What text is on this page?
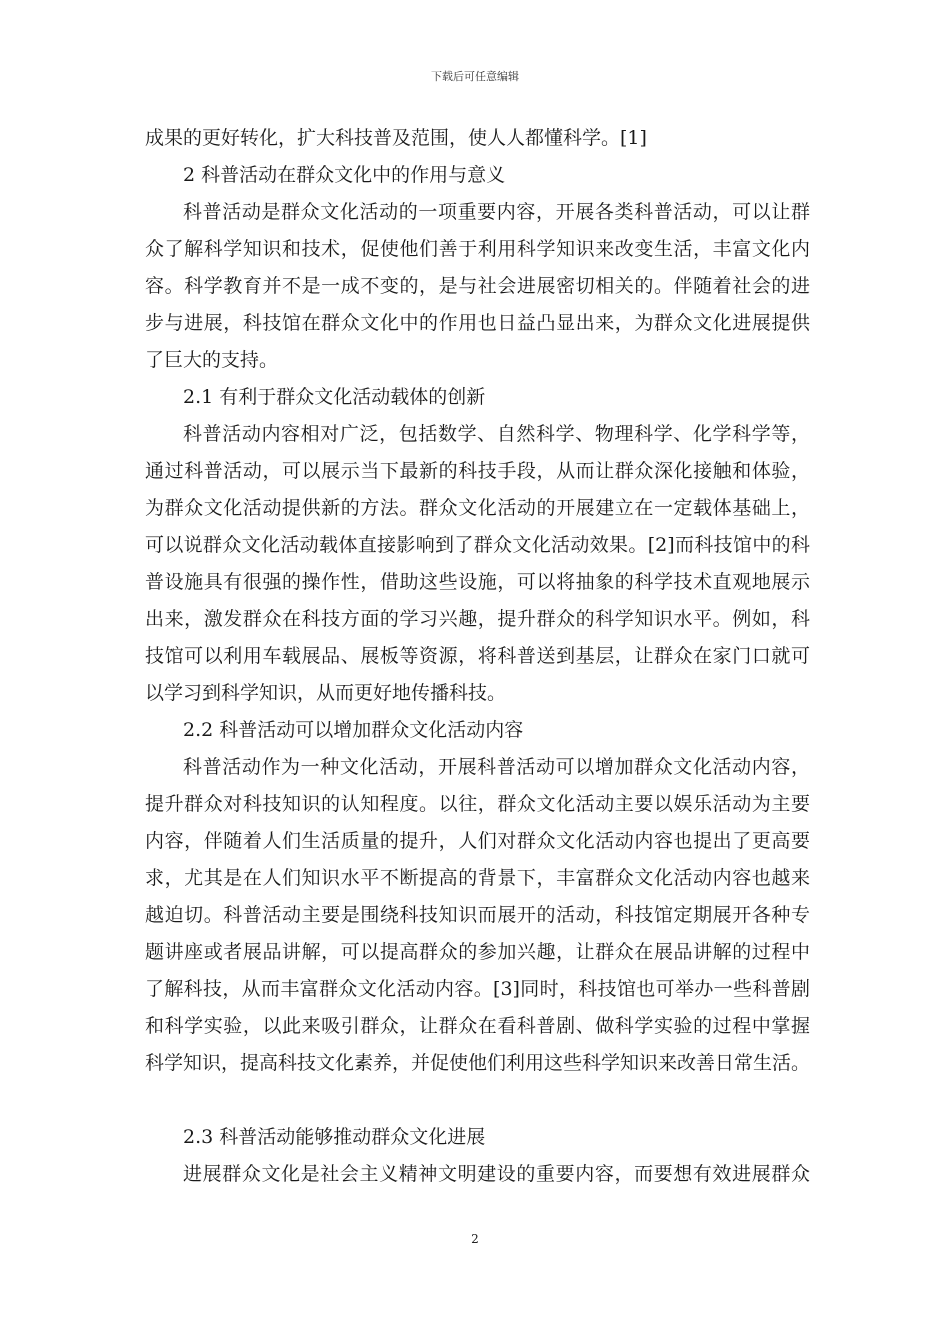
下载后可任意编辑
成果的更好转化，扩大科技普及范围，使人人都懂科学。[1]
2 科普活动在群众文化中的作用与意义
科普活动是群众文化活动的一项重要内容，开展各类科普活动，可以让群
众了解科学知识和技术，促使他们善于利用科学知识来改变生活，丰富文化内
容。科学教育并不是一成不变的，是与社会进展密切相关的。伴随着社会的进
步与进展，科技馆在群众文化中的作用也日益凸显出来，为群众文化进展提供
了巨大的支持。
2.1 有利于群众文化活动载体的创新
科普活动内容相对广泛，包括数学、自然科学、物理科学、化学科学等，
通过科普活动，可以展示当下最新的科技手段，从而让群众深化接触和体验，
为群众文化活动提供新的方法。群众文化活动的开展建立在一定载体基础上，
可以说群众文化活动载体直接影响到了群众文化活动效果。[2]而科技馆中的科
普设施具有很强的操作性，借助这些设施，可以将抽象的科学技术直观地展示
出来，激发群众在科技方面的学习兴趣，提升群众的科学知识水平。例如，科
技馆可以利用车载展品、展板等资源，将科普送到基层，让群众在家门口就可
以学习到科学知识，从而更好地传播科技。
2.2 科普活动可以增加群众文化活动内容
科普活动作为一种文化活动，开展科普活动可以增加群众文化活动内容，
提升群众对科技知识的认知程度。以往，群众文化活动主要以娱乐活动为主要
内容，伴随着人们生活质量的提升，人们对群众文化活动内容也提出了更高要
求，尤其是在人们知识水平不断提高的背景下，丰富群众文化活动内容也越来
越迫切。科普活动主要是围绕科技知识而展开的活动，科技馆定期展开各种专
题讲座或者展品讲解，可以提高群众的参加兴趣，让群众在展品讲解的过程中
了解科技，从而丰富群众文化活动内容。[3]同时，科技馆也可举办一些科普剧
和科学实验，以此来吸引群众，让群众在看科普剧、做科学实验的过程中掌握
科学知识，提高科技文化素养，并促使他们利用这些科学知识来改善日常生活。
2.3 科普活动能够推动群众文化进展
进展群众文化是社会主义精神文明建设的重要内容，而要想有效进展群众
2
